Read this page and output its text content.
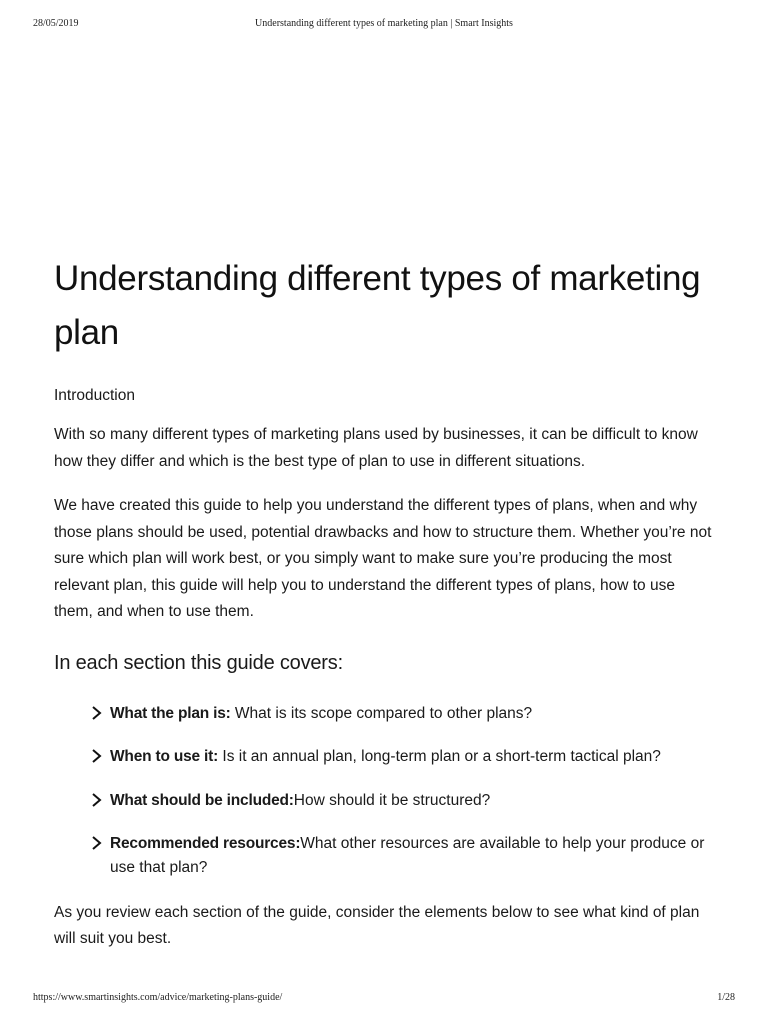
28/05/2019	Understanding different types of marketing plan | Smart Insights
Understanding different types of marketing plan
Introduction

With so many different types of marketing plans used by businesses, it can be difficult to know how they differ and which is the best type of plan to use in different situations.

We have created this guide to help you understand the different types of plans, when and why those plans should be used, potential drawbacks and how to structure them. Whether you’re not sure which plan will work best, or you simply want to make sure you’re producing the most relevant plan, this guide will help you to understand the different types of plans, how to use them, and when to use them.

In each section this guide covers:
What the plan is: What is its scope compared to other plans?
When to use it: Is it an annual plan, long-term plan or a short-term tactical plan?
What should be included:How should it be structured?
Recommended resources:What other resources are available to help your produce or use that plan?

As you review each section of the guide, consider the elements below to see what kind of plan will suit you best.

https://www.smartinsights.com/advice/marketing-plans-guide/	1/28
